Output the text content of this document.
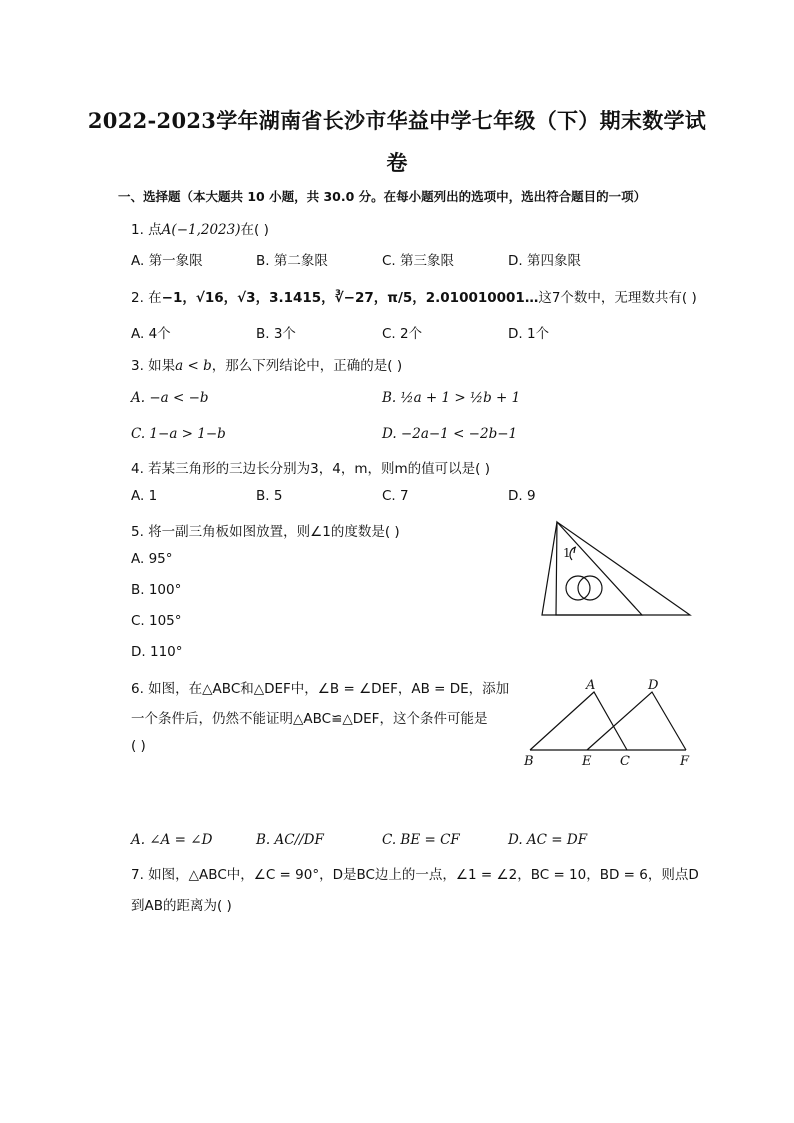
2022-2023学年湖南省长沙市华益中学七年级（下）期末数学试
卷
一、选择题（本大题共 10 小题，共 30.0 分。在每小题列出的选项中，选出符合题目的一项）
1. 点A(−1,2023)在( )
A. 第一象限	B. 第二象限	C. 第三象限	D. 第四象限
2. 在−1，√16，√3，3.1415，∛−27，π/5，2.010010001…这7个数中，无理数共有( )
A. 4个	B. 3个	C. 2个	D. 1个
3. 如果a < b，那么下列结论中，正确的是( )
A. −a < −b	B. ½a + 1 > ½b + 1
C. 1−a > 1−b	D. −2a−1 < −2b−1
4. 若某三角形的三边长分别为3，4，m，则m的值可以是( )
A. 1	B. 5	C. 7	D. 9
5. 将一副三角板如图放置，则∠1的度数是( )
A. 95°
B. 100°
C. 105°
D. 110°
1
6. 如图，在△ABC和△DEF中，∠B = ∠DEF，AB = DE，添加
一个条件后，仍然不能证明△ABC≌△DEF，这个条件可能是
( )
A	D
B	E C	F
A. ∠A = ∠D	B. AC//DF	C. BE = CF	D. AC = DF
7. 如图，△ABC中，∠C = 90°，D是BC边上的一点，∠1 = ∠2，BC = 10，BD = 6，则点D
到AB的距离为( )
